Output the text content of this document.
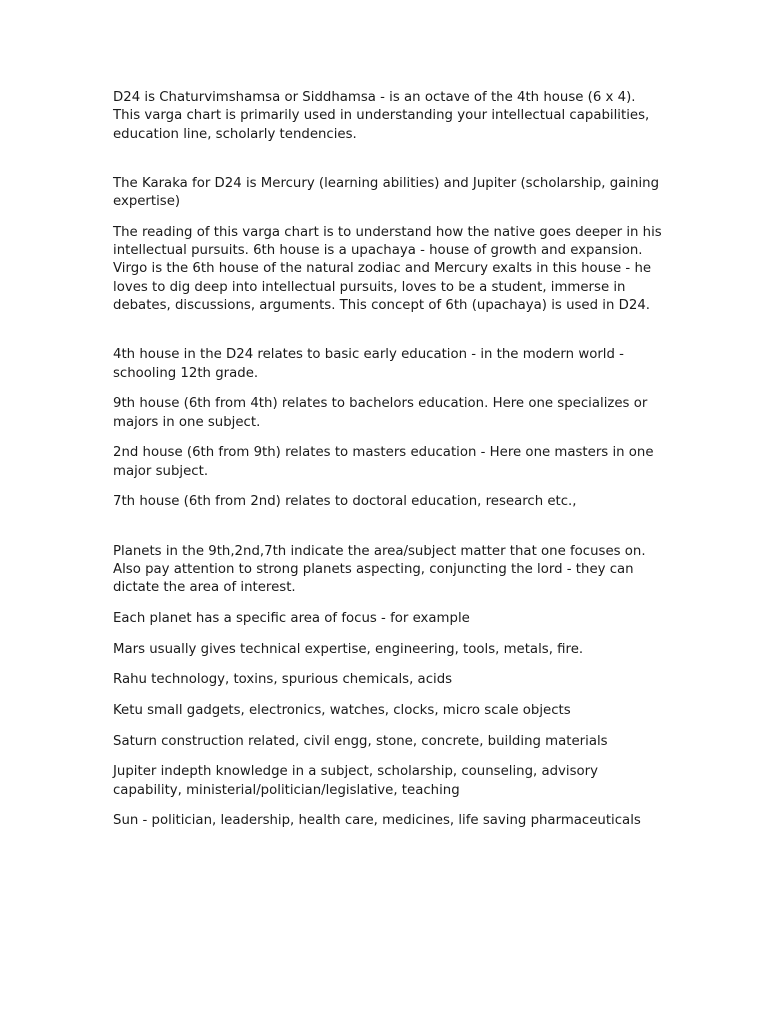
D24 is Chaturvimshamsa or Siddhamsa - is an octave of the 4th house (6 x 4). This varga chart is primarily used in understanding your intellectual capabilities, education line, scholarly tendencies.

The Karaka for D24 is Mercury (learning abilities) and Jupiter (scholarship, gaining expertise)

The reading of this varga chart is to understand how the native goes deeper in his intellectual pursuits. 6th house is a upachaya - house of growth and expansion. Virgo is the 6th house of the natural zodiac and Mercury exalts in this house - he loves to dig deep into intellectual pursuits, loves to be a student, immerse in debates, discussions, arguments. This concept of 6th (upachaya) is used in D24.

4th house in the D24 relates to basic early education - in the modern world - schooling 12th grade.

9th house (6th from 4th) relates to bachelors education. Here one specializes or majors in one subject.

2nd house (6th from 9th) relates to masters education - Here one masters in one major subject.

7th house (6th from 2nd) relates to doctoral education, research etc.,

Planets in the 9th,2nd,7th indicate the area/subject matter that one focuses on. Also pay attention to strong planets aspecting, conjuncting the lord - they can dictate the area of interest.

Each planet has a specific area of focus - for example

Mars usually gives technical expertise, engineering, tools, metals, fire.

Rahu technology, toxins, spurious chemicals, acids

Ketu small gadgets, electronics, watches, clocks, micro scale objects

Saturn construction related, civil engg, stone, concrete, building materials

Jupiter indepth knowledge in a subject, scholarship, counseling, advisory capability, ministerial/politician/legislative, teaching

Sun - politician, leadership, health care, medicines, life saving pharmaceuticals
